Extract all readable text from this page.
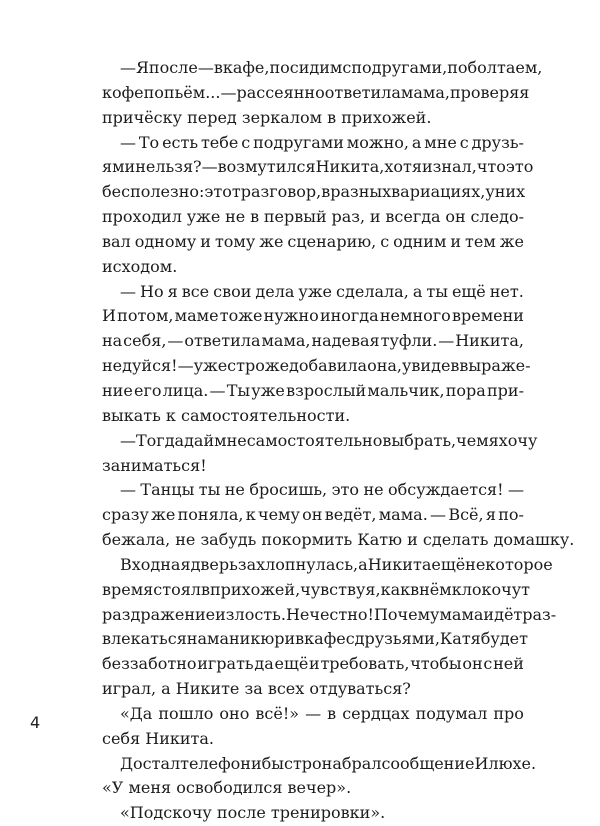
— Я после — в кафе, посидим с подругами, поболтаем,
кофе попьём... — рассеянно ответила мама, проверяя
причёску перед зеркалом в прихожей.
— То есть тебе с подругами можно, а мне с друзь-
ями нельзя? — возмутился Никита, хотя и знал, что это
бесполезно: этот разговор, в разных вариациях, у них
проходил уже не в первый раз, и всегда он следо-
вал одному и тому же сценарию, с одним и тем же
исходом.
— Но я все свои дела уже сделала, а ты ещё нет.
И потом, маме тоже нужно иногда немного времени
на себя, — ответила мама, надевая туфли. — Никита,
не дуйся! — уже строже добавила она, увидев выраже-
ние его лица. — Ты уже взрослый мальчик, пора при-
выкать к самостоятельности.
— Тогда дай мне самостоятельно выбрать, чем я хочу
заниматься!
— Танцы ты не бросишь, это не обсуждается! —
сразу же поняла, к чему он ведёт, мама. — Всё, я по-
бежала, не забудь покормить Катю и сделать домашку.
Входная дверь захлопнулась, а Никита ещё некоторое
время стоял в прихожей, чувствуя, как в нём клокочут
раздражение и злость. Нечестно! Почему мама идёт раз-
влекаться на маникюр и в кафе с друзьями, Катя будет
беззаботно играть да ещё и требовать, чтобы он с ней
играл, а Никите за всех отдуваться?
«Да пошло оно всё!» — в сердцах подумал про
себя Никита.
Достал телефон и быстро набрал сообщение Илюхе.
«У меня освободился вечер».
«Подскочу после тренировки».
4
